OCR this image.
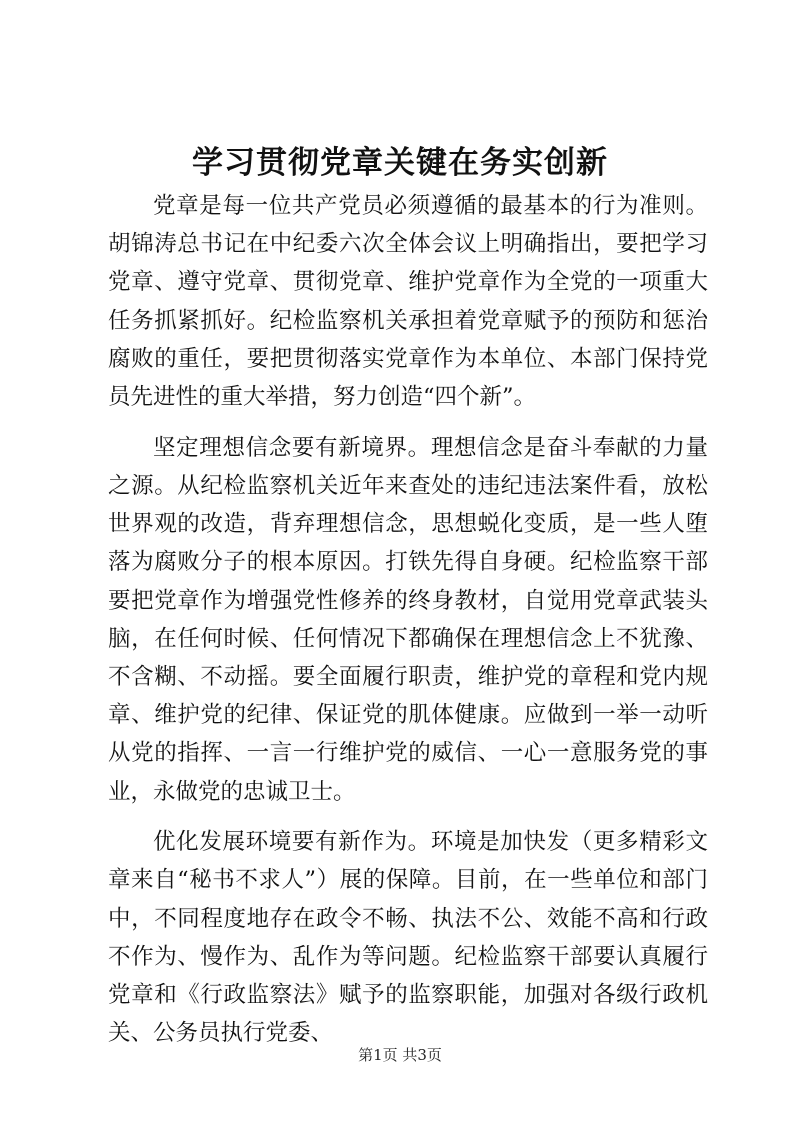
学习贯彻党章关键在务实创新

党章是每一位共产党员必须遵循的最基本的行为准则。胡锦涛总书记在中纪委六次全体会议上明确指出，要把学习党章、遵守党章、贯彻党章、维护党章作为全党的一项重大任务抓紧抓好。纪检监察机关承担着党章赋予的预防和惩治腐败的重任，要把贯彻落实党章作为本单位、本部门保持党员先进性的重大举措，努力创造“四个新”。

坚定理想信念要有新境界。理想信念是奋斗奉献的力量之源。从纪检监察机关近年来查处的违纪违法案件看，放松世界观的改造，背弃理想信念，思想蜕化变质，是一些人堕落为腐败分子的根本原因。打铁先得自身硬。纪检监察干部要把党章作为增强党性修养的终身教材，自觉用党章武装头脑，在任何时候、任何情况下都确保在理想信念上不犹豫、不含糊、不动摇。要全面履行职责，维护党的章程和党内规章、维护党的纪律、保证党的肌体健康。应做到一举一动听从党的指挥、一言一行维护党的威信、一心一意服务党的事业，永做党的忠诚卫士。

优化发展环境要有新作为。环境是加快发（更多精彩文章来自“秘书不求人”）展的保障。目前，在一些单位和部门中，不同程度地存在政令不畅、执法不公、效能不高和行政不作为、慢作为、乱作为等问题。纪检监察干部要认真履行党章和《行政监察法》赋予的监察职能，加强对各级行政机关、公务员执行党委、

第1页 共3页
